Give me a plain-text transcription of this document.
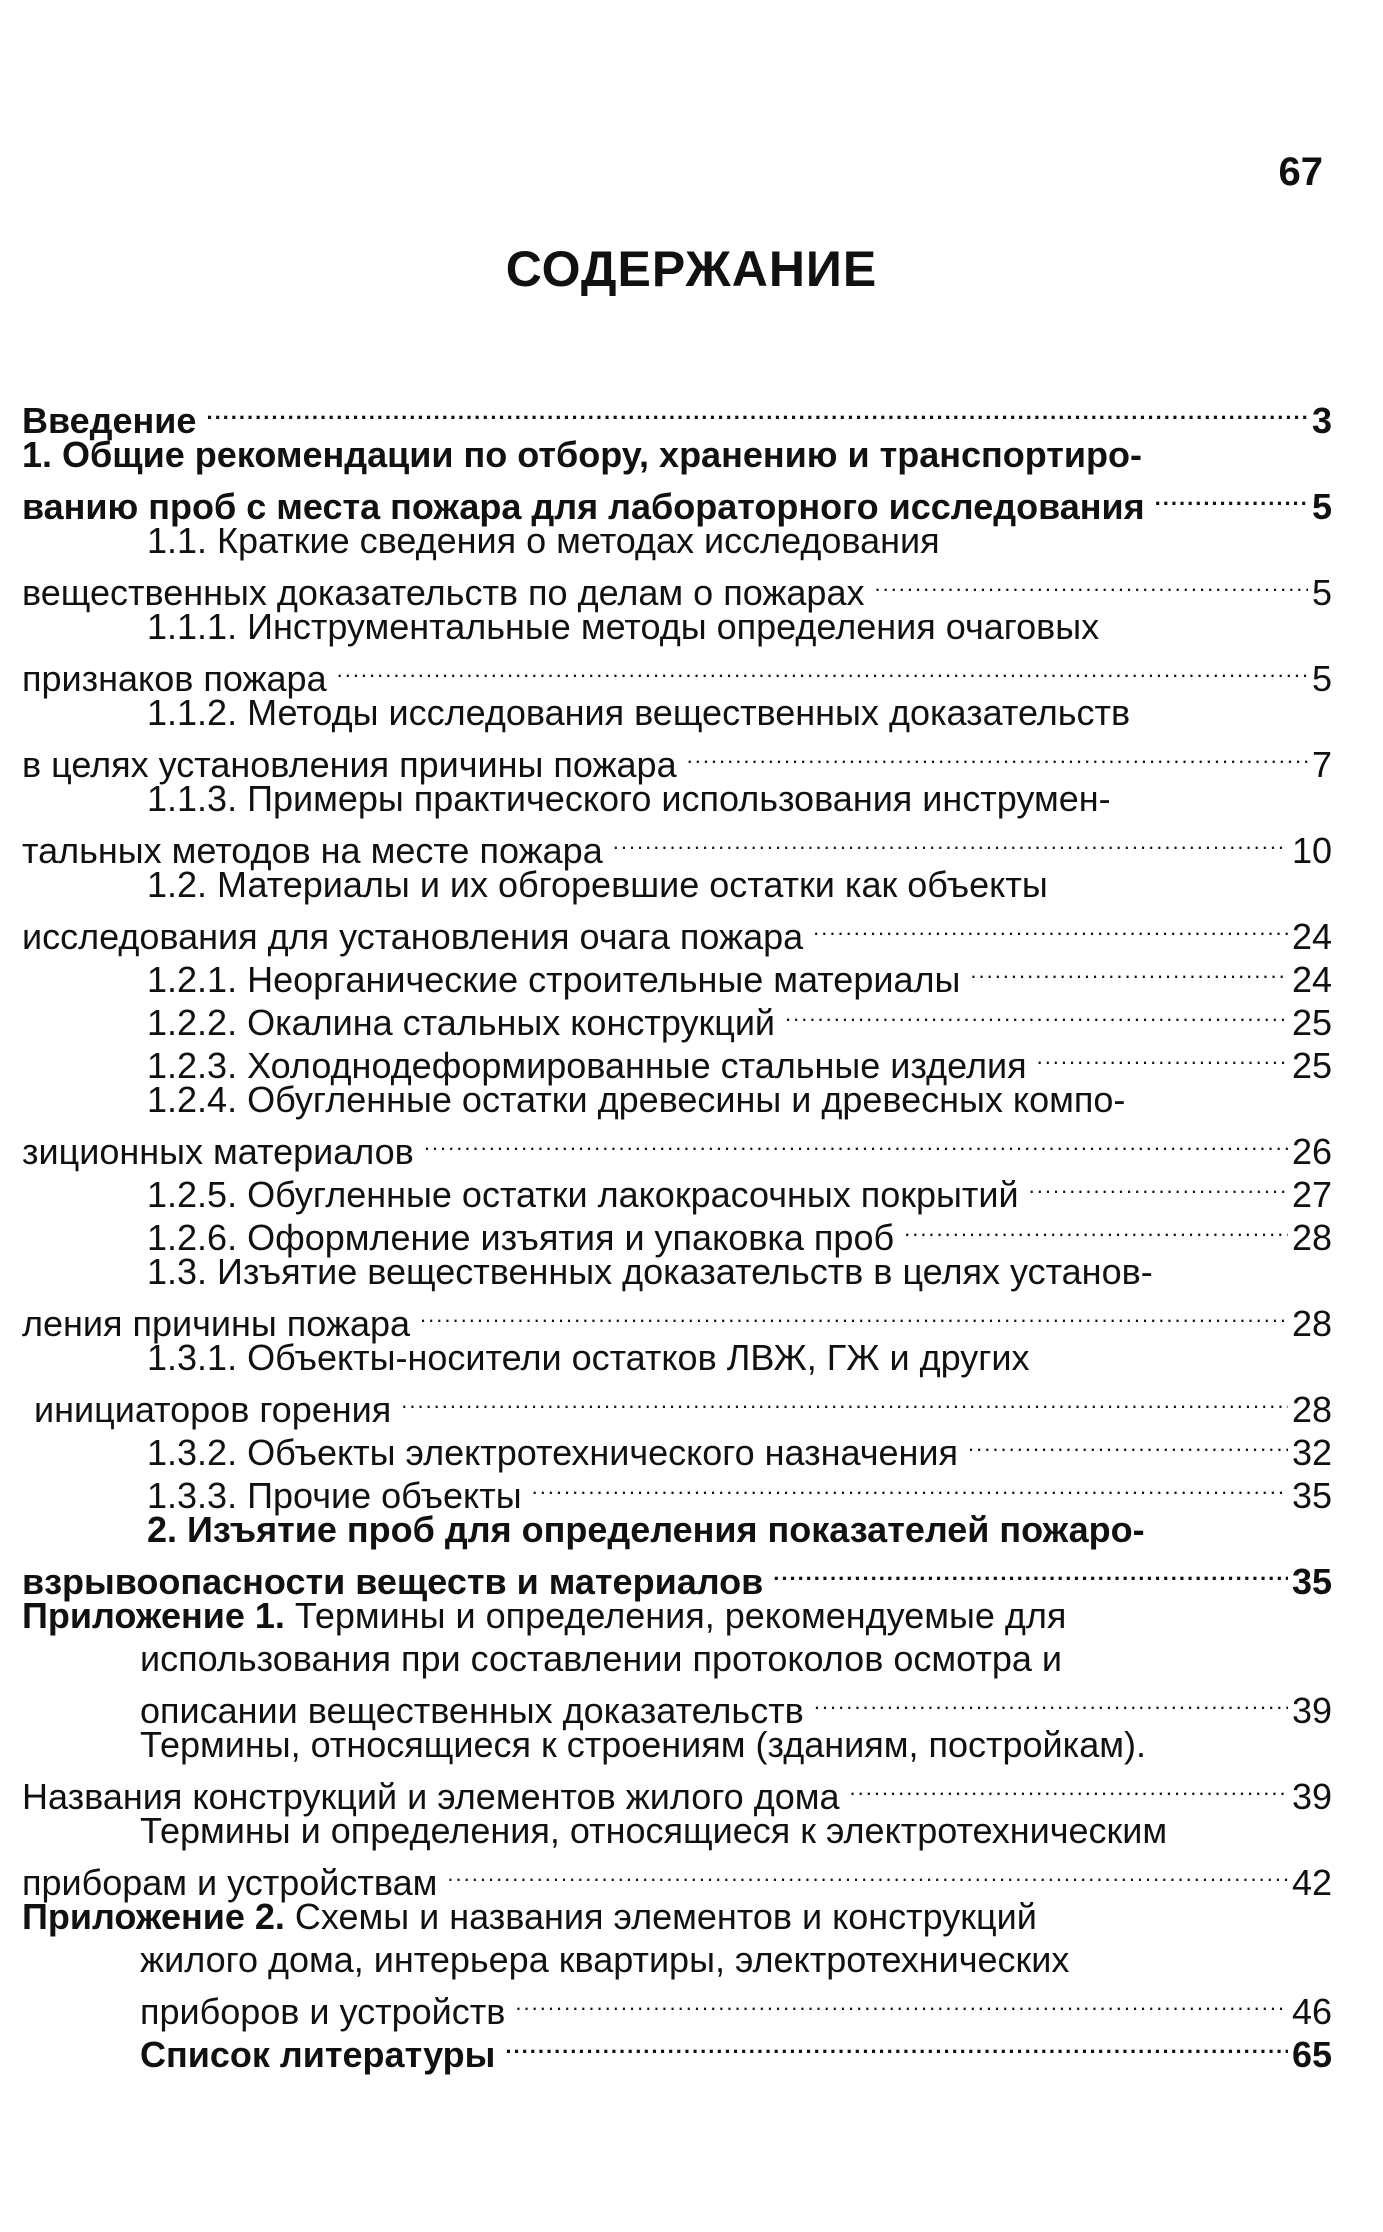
67
СОДЕРЖАНИЕ
Введение .....	3
1. Общие рекомендации по отбору, хранению и транспортиро-
ванию проб с места пожара для лабораторного исследования .....	5
1.1. Краткие сведения о методах исследования
вещественных доказательств по делам о пожарах .....	5
1.1.1. Инструментальные методы определения очаговых
признаков пожара .....	5
1.1.2. Методы исследования вещественных доказательств
в целях установления причины пожара .....	7
1.1.3. Примеры практического использования инструмен-
тальных методов на месте пожара .....	10
1.2. Материалы и их обгоревшие остатки как объекты
исследования для установления очага пожара .....	24
1.2.1. Неорганические строительные материалы .....	24
1.2.2. Окалина стальных конструкций .....	25
1.2.3. Холоднодеформированные стальные изделия .....	25
1.2.4. Обугленные остатки древесины и древесных компо-
зиционных материалов .....	26
1.2.5. Обугленные остатки лакокрасочных покрытий .....	27
1.2.6. Оформление изъятия и упаковка проб .....	28
1.3. Изъятие вещественных доказательств в целях установ-
ления причины пожара .....	28
1.3.1. Объекты-носители остатков ЛВЖ, ГЖ и других
инициаторов горения .....	28
1.3.2. Объекты электротехнического назначения .....	32
1.3.3. Прочие объекты .....	35
2. Изъятие проб для определения показателей пожаро-
взрывоопасности веществ и материалов .....	35
Приложение 1. Термины и определения, рекомендуемые для
использования при составлении протоколов осмотра и
описании вещественных доказательств .....	39
Термины, относящиеся к строениям (зданиям, постройкам).
Названия конструкций и элементов жилого дома .....	39
Термины и определения, относящиеся к электротехническим
приборам и устройствам .....	42
Приложение 2. Схемы и названия элементов и конструкций
жилого дома, интерьера квартиры, электротехнических
приборов и устройств .....	46
Список литературы .....	65
